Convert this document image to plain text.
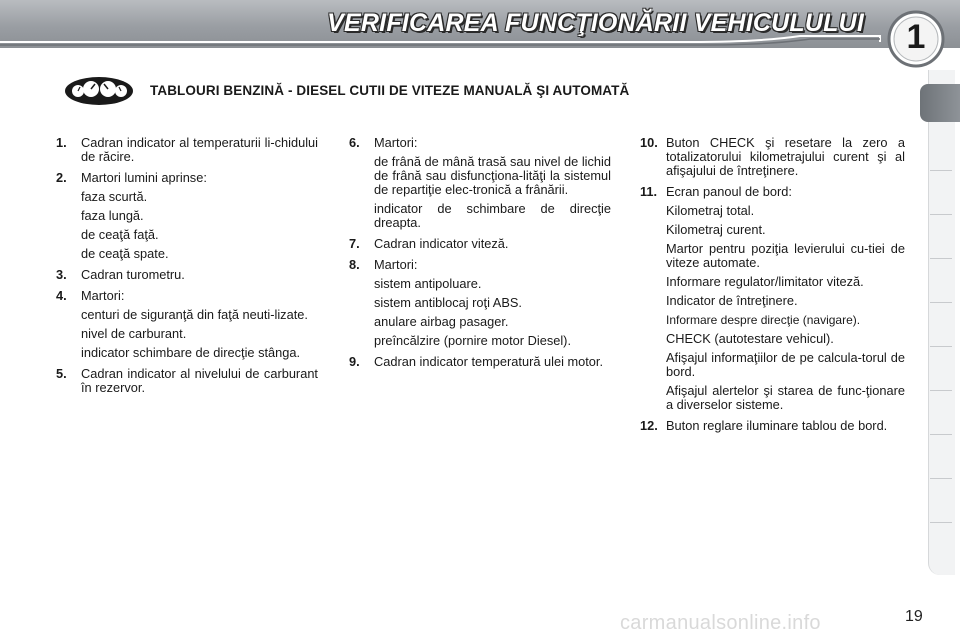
VERIFICAREA FUNCŢIONĂRII VEHICULULUI	1
TABLOURI BENZINĂ - DIESEL CUTII DE VITEZE MANUALĂ ŞI AUTOMATĂ
1. Cadran indicator al temperaturii li-chidului de răcire.
2. Martori lumini aprinse:
faza scurtă.
faza lungă.
de ceaţă faţă.
de ceaţă spate.
3. Cadran turometru.
4. Martori:
centuri de siguranţă din faţă neuti-lizate.
nivel de carburant.
indicator schimbare de direcţie stânga.
5. Cadran indicator al nivelului de carburant în rezervor.
6. Martori:
de frână de mână trasă sau nivel de lichid de frână sau disfuncţiona-lităţi la sistemul de repartiţie elec-tronică a frânării.
indicator de schimbare de direcţie dreapta.
7. Cadran indicator viteză.
8. Martori:
sistem antipoluare.
sistem antiblocaj roţi ABS.
anulare airbag pasager.
preîncălzire (pornire motor Diesel).
9. Cadran indicator temperatură ulei motor.
10. Buton CHECK şi resetare la zero a totalizatorului kilometrajului curent şi al afişajului de întreţinere.
11. Ecran panoul de bord:
Kilometraj total.
Kilometraj curent.
Martor pentru poziţia levierului cu-tiei de viteze automate.
Informare regulator/limitator viteză.
Indicator de întreţinere.
Informare despre direcţie (navigare).
CHECK (autotestare vehicul).
Afişajul informaţiilor de pe calcula-torul de bord.
Afişajul alertelor şi starea de func-ţionare a diverselor sisteme.
12. Buton reglare iluminare tablou de bord.
carmanualsonline.info	19
